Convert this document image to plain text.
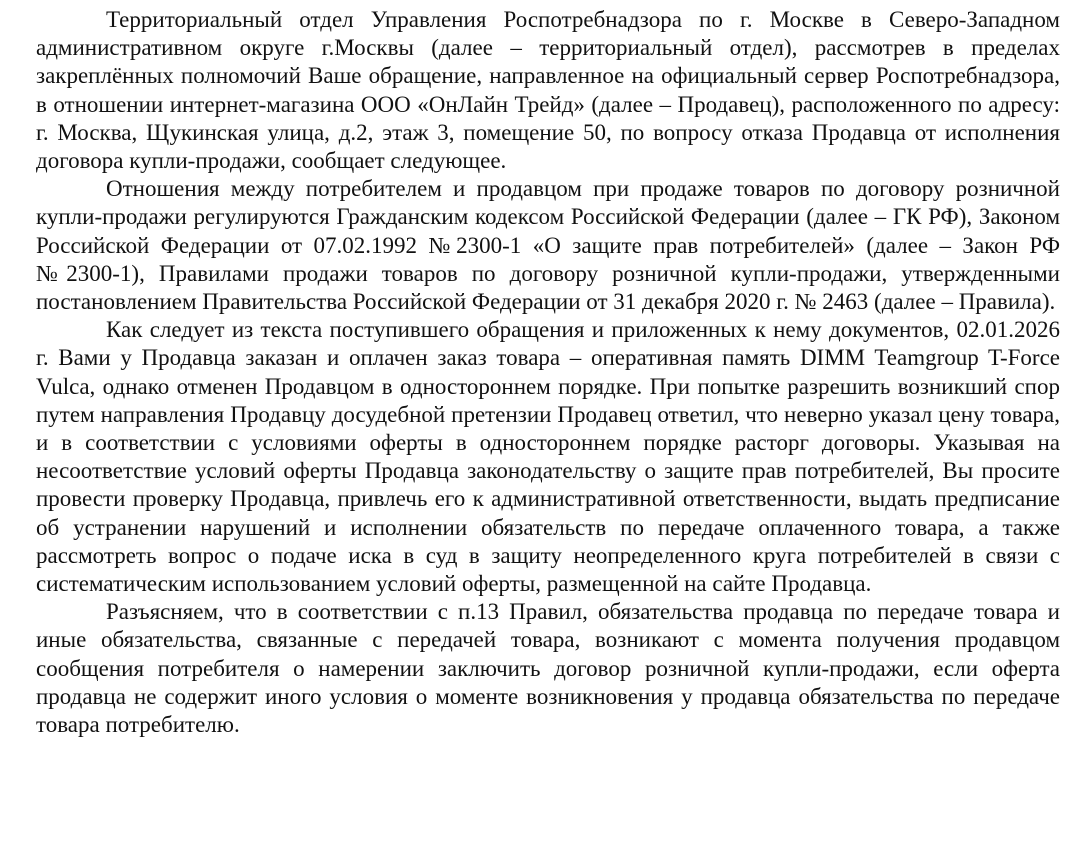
Территориальный отдел Управления Роспотребнадзора по г. Москве в Северо-Западном административном округе г.Москвы (далее – территориальный отдел), рассмотрев в пределах закреплённых полномочий Ваше обращение, направленное на официальный сервер Роспотребнадзора, в отношении интернет-магазина ООО «ОнЛайн Трейд» (далее – Продавец), расположенного по адресу: г. Москва, Щукинская улица, д.2, этаж 3, помещение 50, по вопросу отказа Продавца от исполнения договора купли-продажи, сообщает следующее.

Отношения между потребителем и продавцом при продаже товаров по договору розничной купли-продажи регулируются Гражданским кодексом Российской Федерации (далее – ГК РФ), Законом Российской Федерации от 07.02.1992 №2300-1 «О защите прав потребителей» (далее – Закон РФ №2300-1), Правилами продажи товаров по договору розничной купли-продажи, утвержденными постановлением Правительства Российской Федерации от 31 декабря 2020 г. № 2463 (далее – Правила).

Как следует из текста поступившего обращения и приложенных к нему документов, 02.01.2026 г. Вами у Продавца заказан и оплачен заказ товара – оперативная память DIMM Teamgroup T-Force Vulca, однако отменен Продавцом в одностороннем порядке. При попытке разрешить возникший спор путем направления Продавцу досудебной претензии Продавец ответил, что неверно указал цену товара, и в соответствии с условиями оферты в одностороннем порядке расторг договоры. Указывая на несоответствие условий оферты Продавца законодательству о защите прав потребителей, Вы просите провести проверку Продавца, привлечь его к административной ответственности, выдать предписание об устранении нарушений и исполнении обязательств по передаче оплаченного товара, а также рассмотреть вопрос о подаче иска в суд в защиту неопределенного круга потребителей в связи с систематическим использованием условий оферты, размещенной на сайте Продавца.

Разъясняем, что в соответствии с п.13 Правил, обязательства продавца по передаче товара и иные обязательства, связанные с передачей товара, возникают с момента получения продавцом сообщения потребителя о намерении заключить договор розничной купли-продажи, если оферта продавца не содержит иного условия о моменте возникновения у продавца обязательства по передаче товара потребителю.
